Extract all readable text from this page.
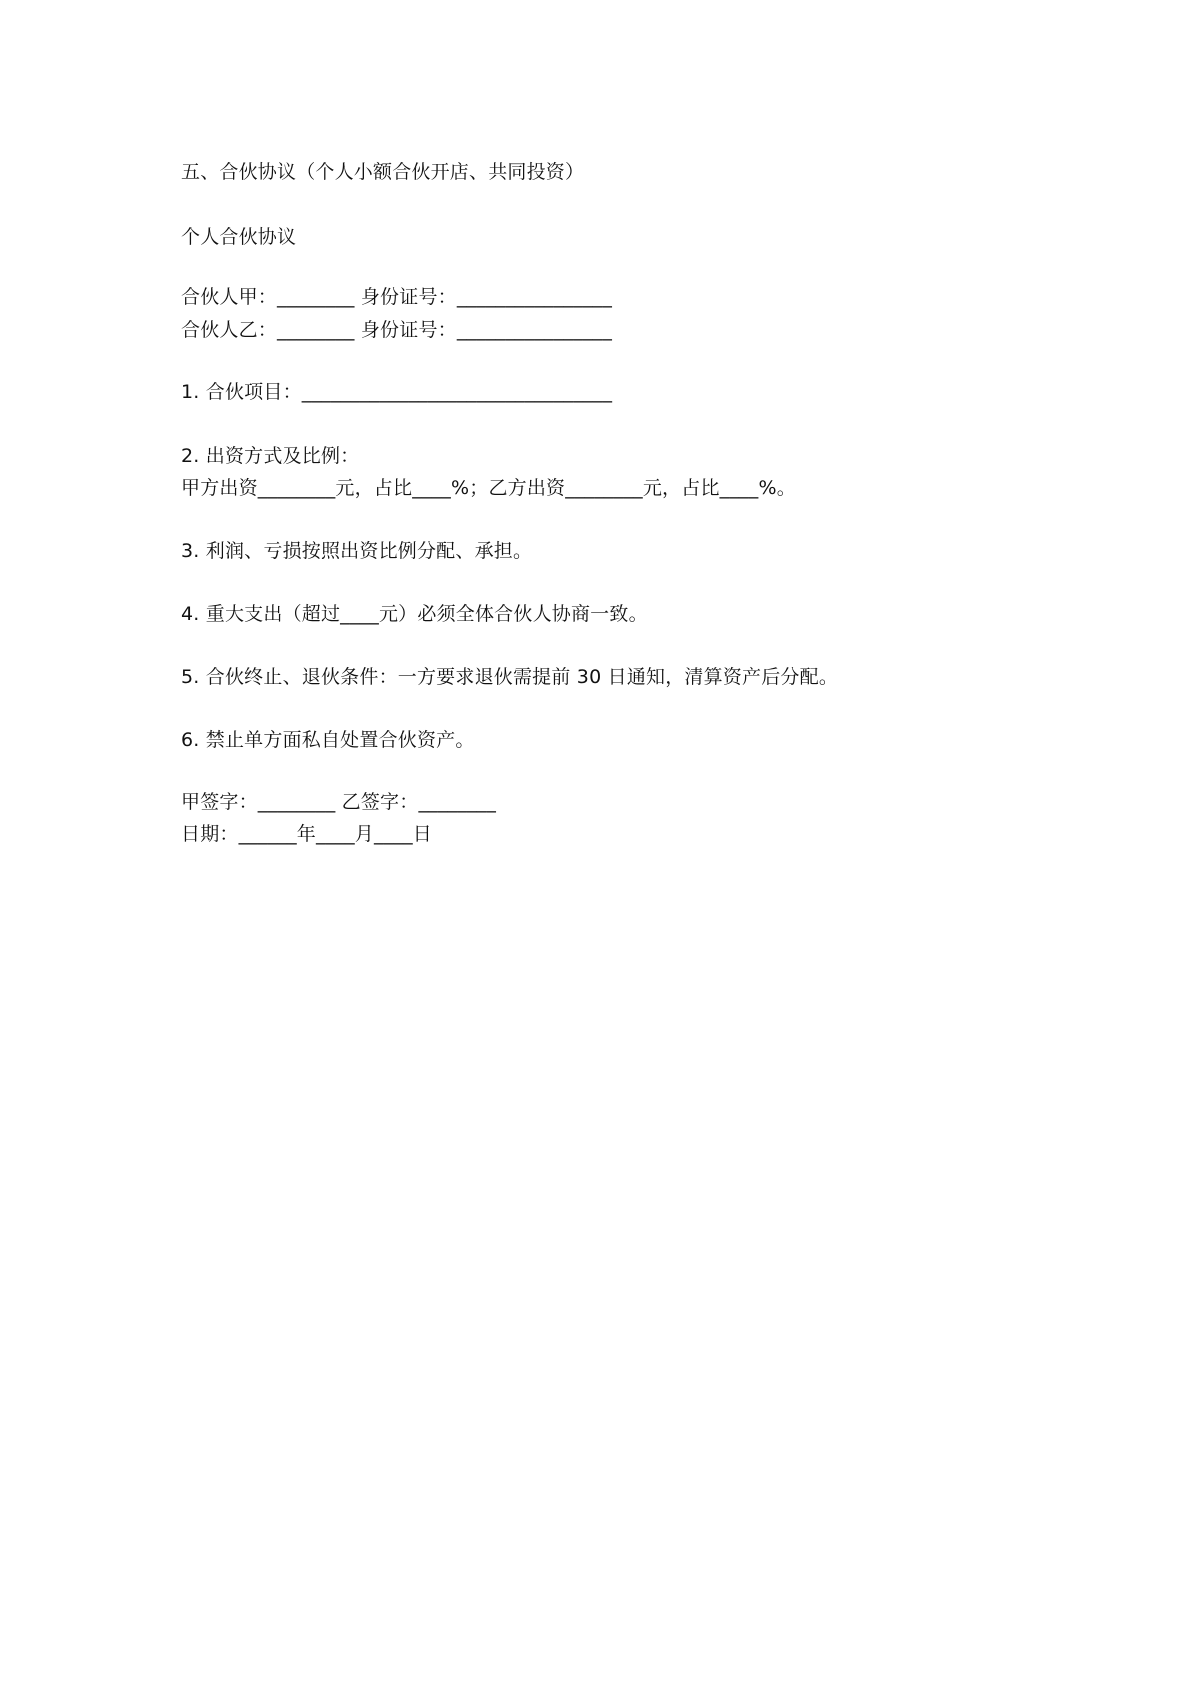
五、合伙协议（个人小额合伙开店、共同投资）
个人合伙协议
合伙人甲：________ 身份证号：________________
合伙人乙：________ 身份证号：________________
1. 合伙项目：________________________________
2. 出资方式及比例：
甲方出资________元，占比____%；乙方出资________元，占比____%。
3. 利润、亏损按照出资比例分配、承担。
4. 重大支出（超过____元）必须全体合伙人协商一致。
5. 合伙终止、退伙条件：一方要求退伙需提前 30 日通知，清算资产后分配。
6. 禁止单方面私自处置合伙资产。
甲签字：________ 乙签字：________
日期：______年____月____日
